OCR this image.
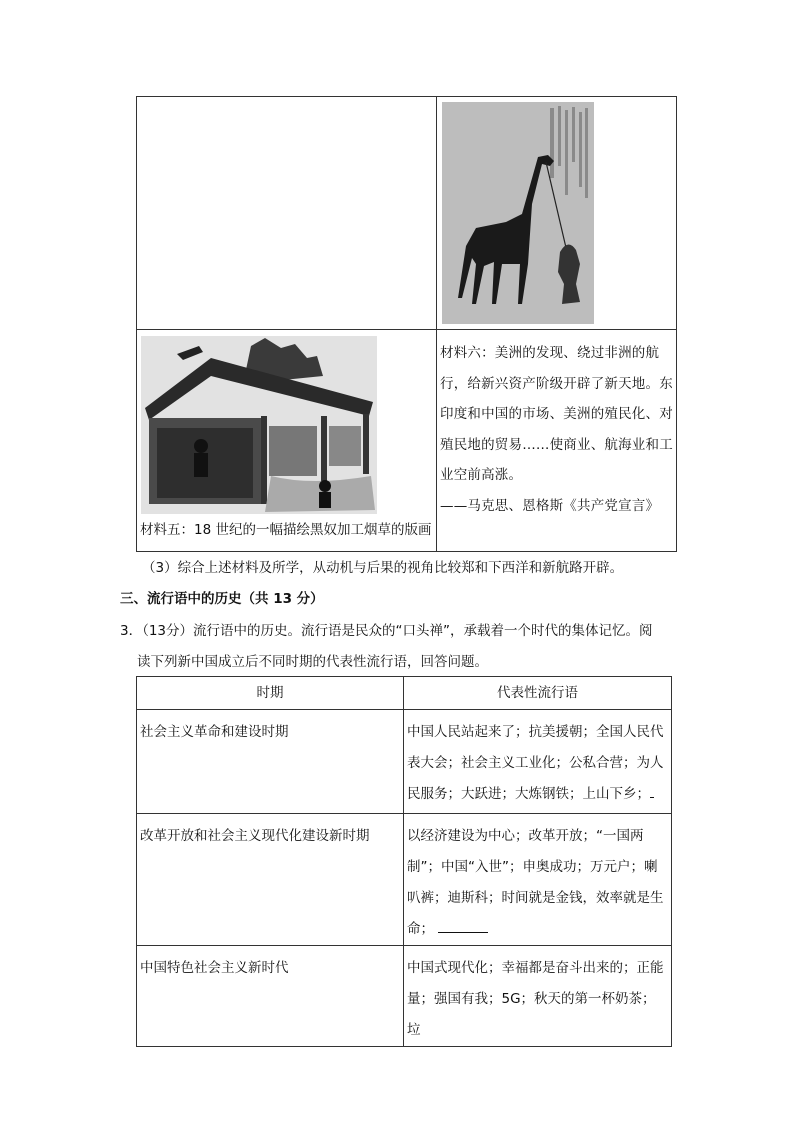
材料五：18 世纪的一幅描绘黑奴加工烟草的版画	材料六：美洲的发现、绕过非洲的航行，给新兴资产阶级开辟了新天地。东印度和中国的市场、美洲的殖民化、对殖民地的贸易……使商业、航海业和工业空前高涨。

——马克思、恩格斯《共产党宣言》

（3）综合上述材料及所学，从动机与后果的视角比较郑和下西洋和新航路开辟。
三、流行语中的历史（共 13 分）
3．（13分）流行语中的历史。流行语是民众的“口头禅”，承载着一个时代的集体记忆。阅
读下列新中国成立后不同时期的代表性流行语，回答问题。
时期	代表性流行语
社会主义革命和建设时期	中国人民站起来了；抗美援朝；全国人民代表大会；社会主义工业化；公私合营；为人民服务；大跃进；大炼钢铁；上山下乡；
改革开放和社会主义现代化建设新时期	以经济建设为中心；改革开放；“一国两制”；中国“入世”；申奥成功；万元户；喇叭裤；迪斯科；时间就是金钱，效率就是生命；
中国特色社会主义新时代	中国式现代化；幸福都是奋斗出来的；正能量；强国有我；5G；秋天的第一杯奶茶；垃
